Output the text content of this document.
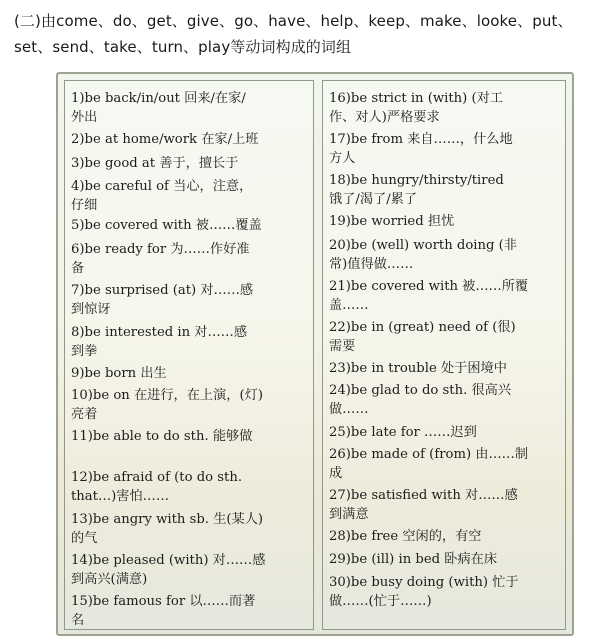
(二)由come、do、get、give、go、have、help、keep、make、looke、put、set、send、take、turn、play等动词构成的词组
1)be back/in/out 回来/在家/
外出
2)be at home/work 在家/上班
3)be good at 善于，擅长于
4)be careful of 当心，注意，
仔细
5)be covered with 被……覆盖
6)be ready for 为……作好准
备
7)be surprised (at) 对……感
到惊讶
8)be interested in 对……感
到拳
9)be born 出生
10)be on 在进行，在上演，(灯)
亮着
11)be able to do sth. 能够做
12)be afraid of (to do sth.
that…)害怕……
13)be angry with sb. 生(某人)
的气
14)be pleased (with) 对……感
到高兴(满意)
15)be famous for 以……而著
名
16)be strict in (with) (对工
作、对人)严格要求
17)be from 来自……，什么地
方人
18)be hungry/thirsty/tired
饿了/渴了/累了
19)be worried 担忧
20)be (well) worth doing (非
常)值得做……
21)be covered with 被……所覆
盖……
22)be in (great) need of (很)
需要
23)be in trouble 处于困境中
24)be glad to do sth. 很高兴
做……
25)be late for ……迟到
26)be made of (from) 由……制
成
27)be satisfied with 对……感
到满意
28)be free 空闲的，有空
29)be (ill) in bed 卧病在床
30)be busy doing (with) 忙于
做……(忙于……)
